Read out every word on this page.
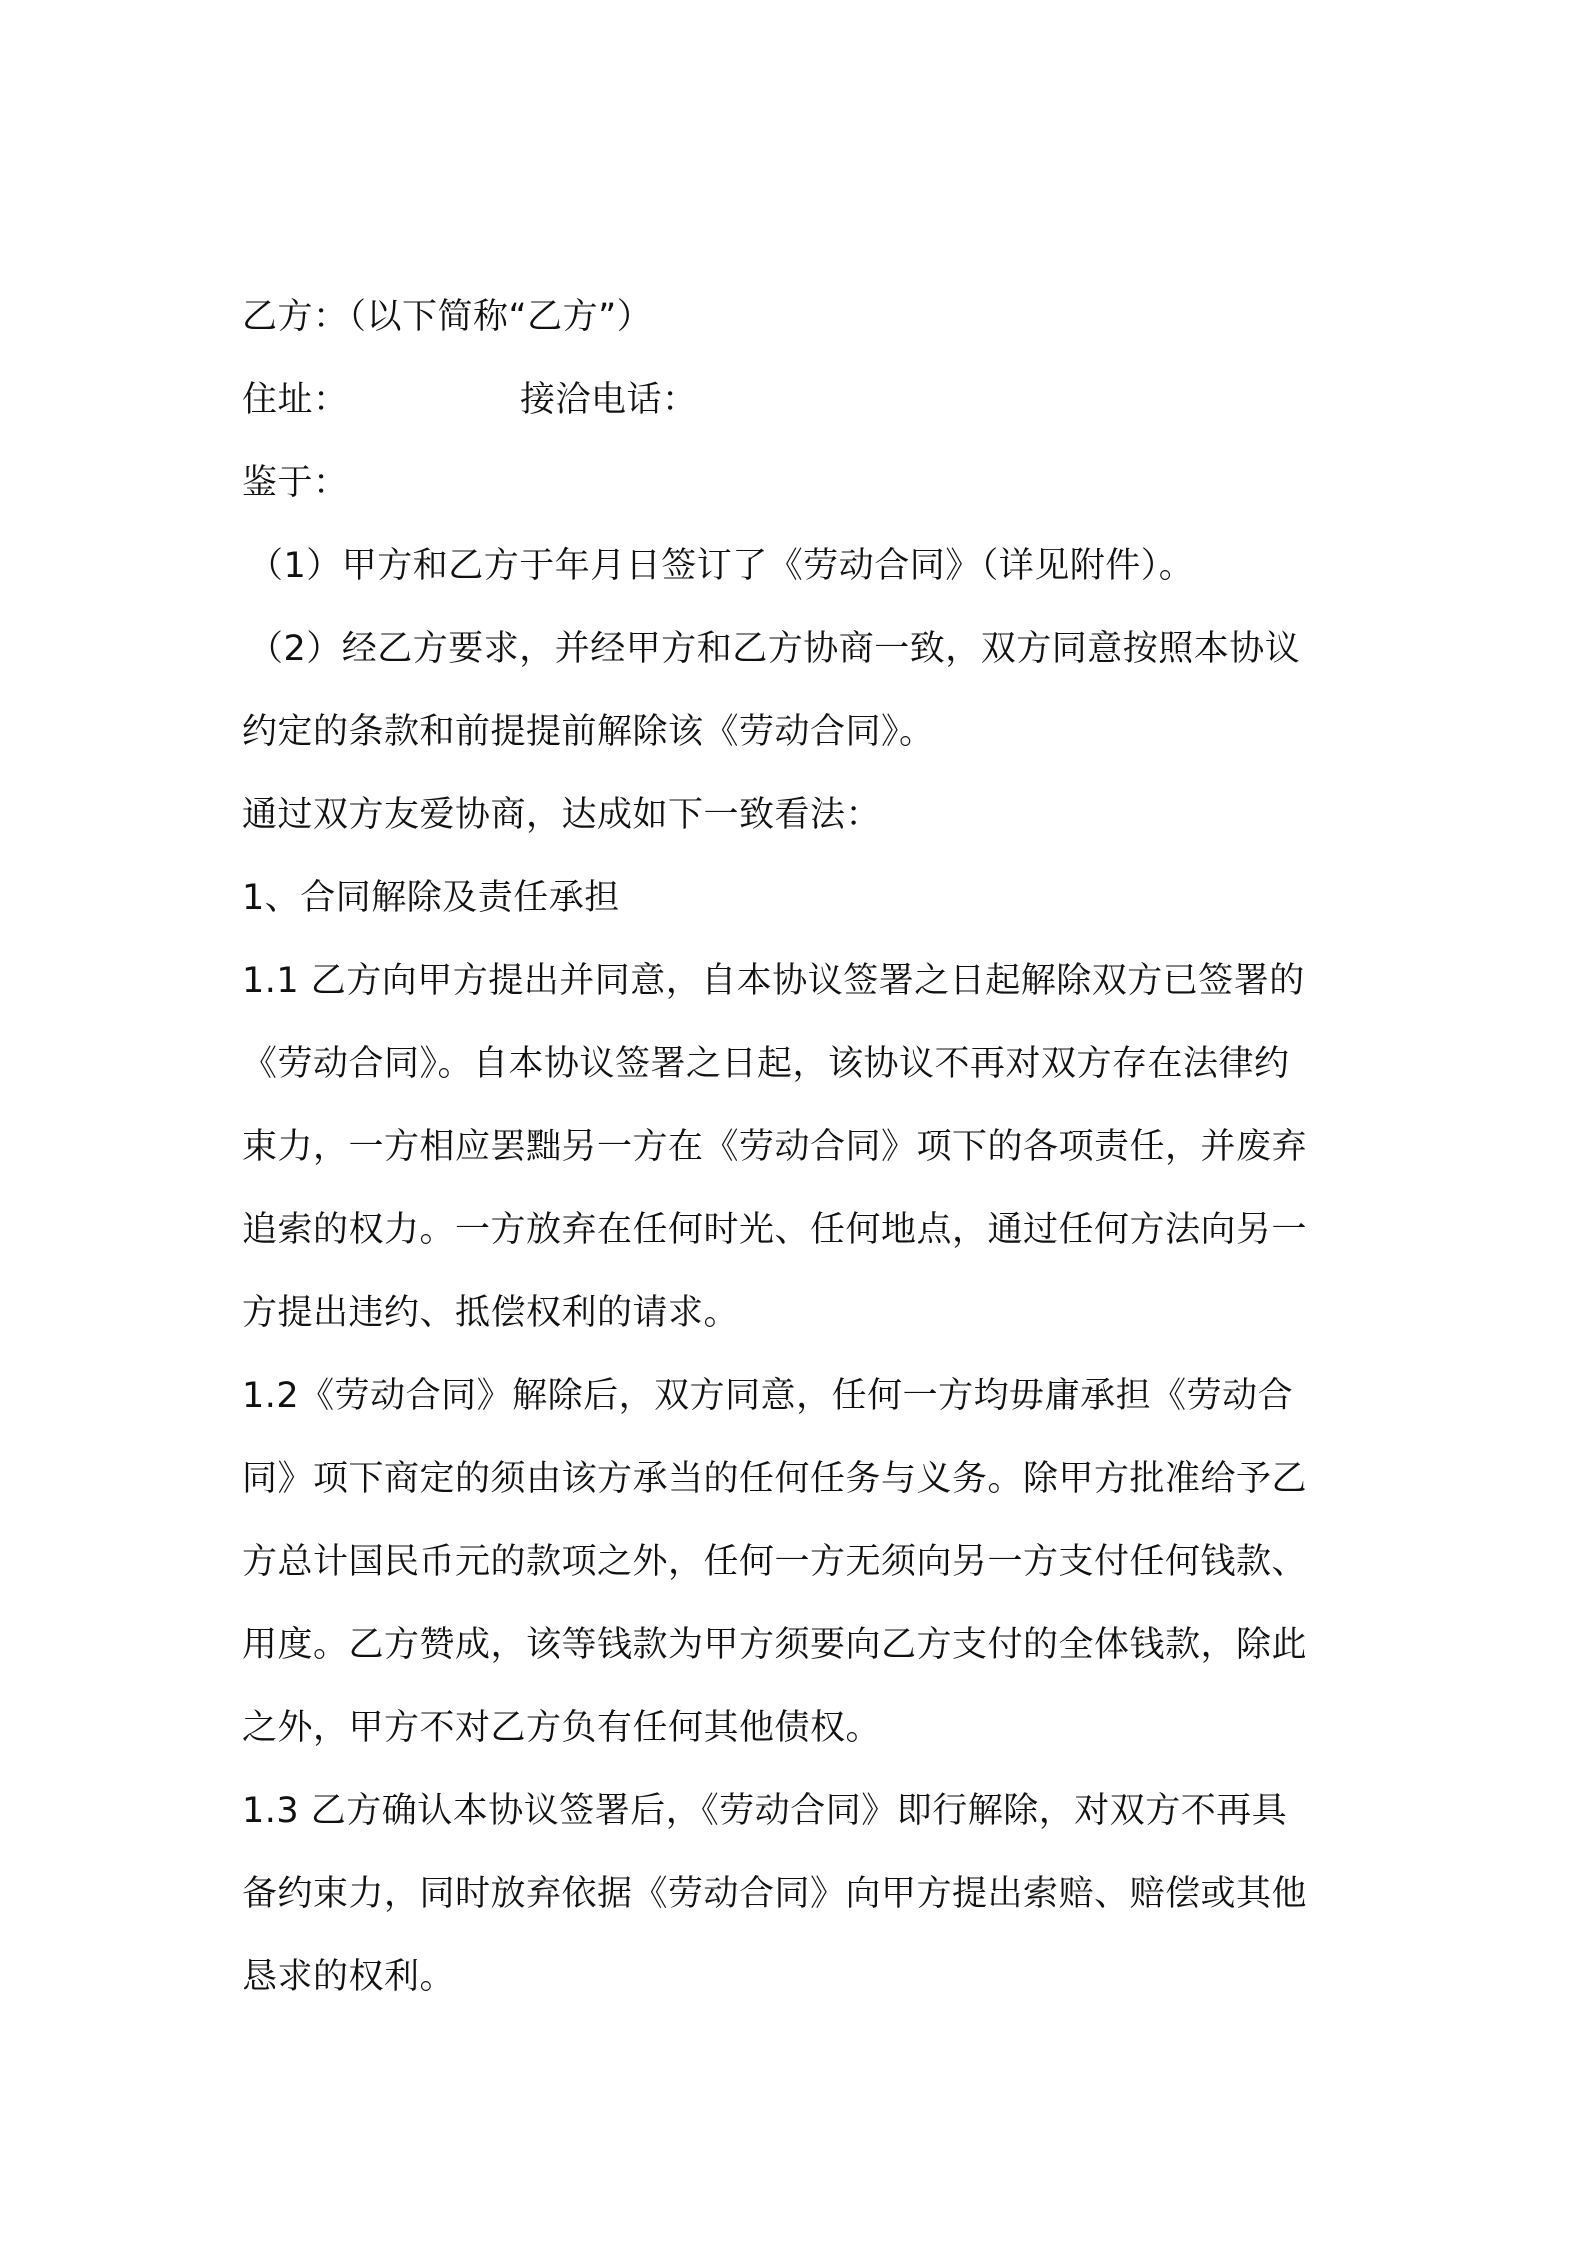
乙方：（以下简称“乙方”）
住址：	接洽电话：
鉴于：
（1）甲方和乙方于年月日签订了《劳动合同》（详见附件）。
（2）经乙方要求，并经甲方和乙方协商一致，双方同意按照本协议
约定的条款和前提提前解除该《劳动合同》。
通过双方友爱协商，达成如下一致看法：
1、合同解除及责任承担
1.1 乙方向甲方提出并同意，自本协议签署之日起解除双方已签署的
《劳动合同》。自本协议签署之日起，该协议不再对双方存在法律约
束力，一方相应罢黜另一方在《劳动合同》项下的各项责任，并废弃
追索的权力。一方放弃在任何时光、任何地点，通过任何方法向另一
方提出违约、抵偿权利的请求。
1.2《劳动合同》解除后，双方同意，任何一方均毋庸承担《劳动合
同》项下商定的须由该方承当的任何任务与义务。除甲方批准给予乙
方总计国民币元的款项之外，任何一方无须向另一方支付任何钱款、
用度。乙方赞成，该等钱款为甲方须要向乙方支付的全体钱款，除此
之外，甲方不对乙方负有任何其他债权。
1.3 乙方确认本协议签署后，《劳动合同》即行解除，对双方不再具
备约束力，同时放弃依据《劳动合同》向甲方提出索赔、赔偿或其他
恳求的权利。
